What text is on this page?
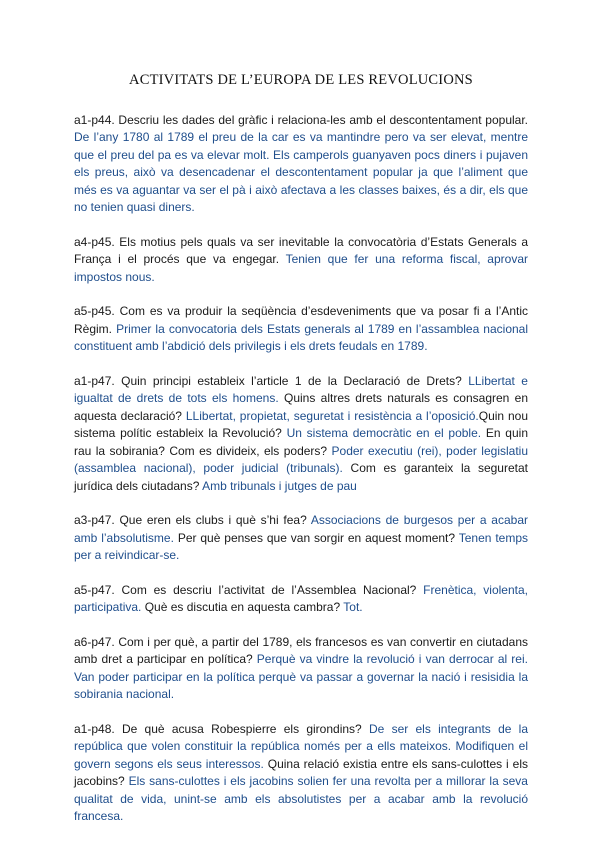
ACTIVITATS DE L’EUROPA DE LES REVOLUCIONS

a1-p44. Descriu les dades del gràfic i relaciona-les amb el descontentament popular. De l’any 1780 al 1789 el preu de la car es va mantindre pero va ser elevat, mentre que el preu del pa es va elevar molt. Els camperols guanyaven pocs diners i pujaven els preus, això va desencadenar el descontentament popular ja que l’aliment que més es va aguantar va ser el pà i això afectava a les classes baixes, és a dir, els que no tenien quasi diners.

a4-p45. Els motius pels quals va ser inevitable la convocatòria d’Estats Generals a França i el procés que va engegar. Tenien que fer una reforma fiscal, aprovar impostos nous.

a5-p45. Com es va produir la seqüència d’esdeveniments que va posar fi a l’Antic Règim. Primer la convocatoria dels Estats generals al 1789 en l’assamblea nacional constituent amb l’abdició dels privilegis i els drets feudals en 1789.

a1-p47. Quin principi estableix l’article 1 de la Declaració de Drets? LLibertat e igualtat de drets de tots els homens. Quins altres drets naturals es consagren en aquesta declaració? LLibertat, propietat, seguretat i resistència a l’oposició.Quin nou sistema polític estableix la Revolució? Un sistema democràtic en el poble. En quin rau la sobirania? Com es divideix, els poders? Poder executiu (rei), poder legislatiu (assamblea nacional), poder judicial (tribunals). Com es garanteix la seguretat jurídica dels ciutadans? Amb tribunals i jutges de pau

a3-p47. Que eren els clubs i què s’hi fea? Associacions de burgesos per a acabar amb l’absolutisme. Per què penses que van sorgir en aquest moment? Tenen temps per a reivindicar-se.

a5-p47. Com es descriu l’activitat de l’Assemblea Nacional? Frenètica, violenta, participativa. Què es discutia en aquesta cambra? Tot.

a6-p47. Com i per què, a partir del 1789, els francesos es van convertir en ciutadans amb dret a participar en política? Perquè va vindre la revolució i van derrocar al rei. Van poder participar en la política perquè va passar a governar la nació i resisidia la sobirania nacional.

a1-p48. De què acusa Robespierre els girondins? De ser els integrants de la república que volen constituir la república només per a ells mateixos. Modifiquen el govern segons els seus interessos. Quina relació existia entre els sans-culottes i els jacobins? Els sans-culottes i els jacobins solien fer una revolta per a millorar la seva qualitat de vida, unint-se amb els absolutistes per a acabar amb la revolució francesa.
